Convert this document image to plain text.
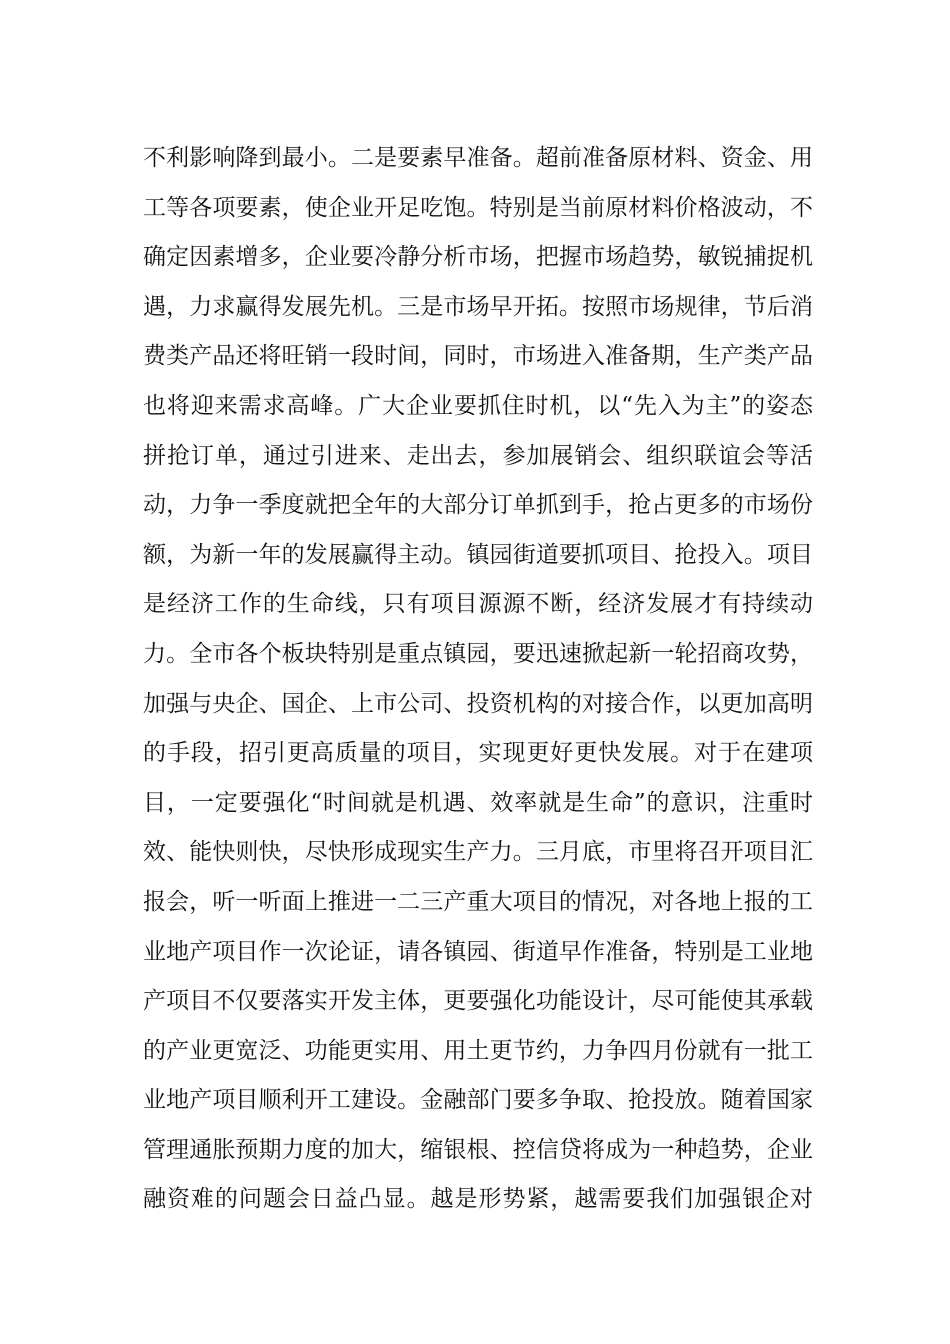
不利影响降到最小。二是要素早准备。超前准备原材料、资金、用
工等各项要素，使企业开足吃饱。特别是当前原材料价格波动，不
确定因素增多，企业要冷静分析市场，把握市场趋势，敏锐捕捉机
遇，力求赢得发展先机。三是市场早开拓。按照市场规律，节后消
费类产品还将旺销一段时间，同时，市场进入准备期，生产类产品
也将迎来需求高峰。广大企业要抓住时机，以“先入为主”的姿态
拼抢订单，通过引进来、走出去，参加展销会、组织联谊会等活
动，力争一季度就把全年的大部分订单抓到手，抢占更多的市场份
额，为新一年的发展赢得主动。镇园街道要抓项目、抢投入。项目
是经济工作的生命线，只有项目源源不断，经济发展才有持续动
力。全市各个板块特别是重点镇园，要迅速掀起新一轮招商攻势，
加强与央企、国企、上市公司、投资机构的对接合作，以更加高明
的手段，招引更高质量的项目，实现更好更快发展。对于在建项
目，一定要强化“时间就是机遇、效率就是生命”的意识，注重时
效、能快则快，尽快形成现实生产力。三月底，市里将召开项目汇
报会，听一听面上推进一二三产重大项目的情况，对各地上报的工
业地产项目作一次论证，请各镇园、街道早作准备，特别是工业地
产项目不仅要落实开发主体，更要强化功能设计，尽可能使其承载
的产业更宽泛、功能更实用、用土更节约，力争四月份就有一批工
业地产项目顺利开工建设。金融部门要多争取、抢投放。随着国家
管理通胀预期力度的加大，缩银根、控信贷将成为一种趋势，企业
融资难的问题会日益凸显。越是形势紧，越需要我们加强银企对
